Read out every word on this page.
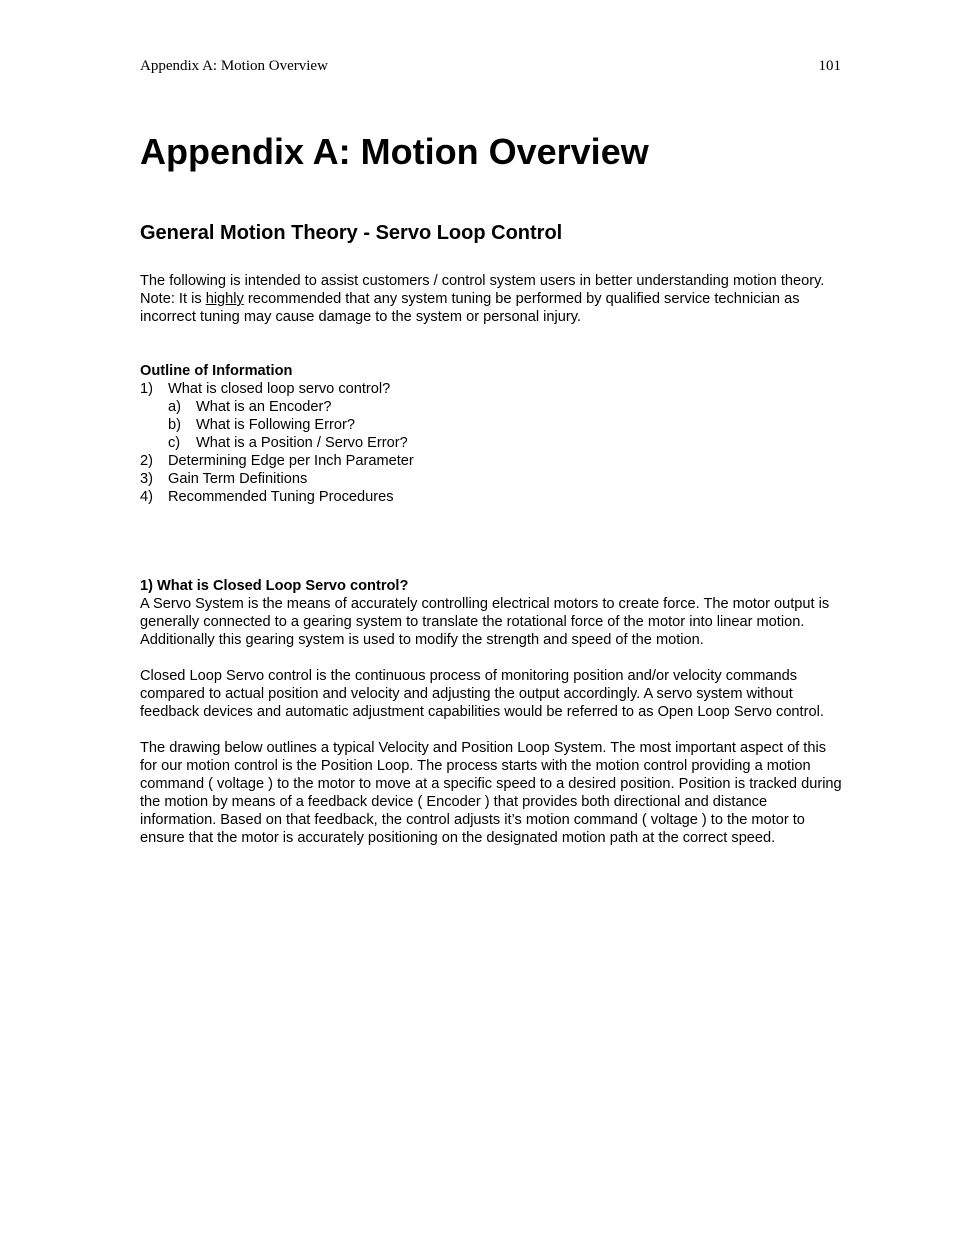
Appendix A: Motion Overview	101
Appendix A: Motion Overview
General Motion Theory - Servo Loop Control
The following is intended to assist customers / control system users in better understanding motion theory. Note: It is highly recommended that any system tuning be performed by qualified service technician as incorrect tuning may cause damage to the system or personal injury.
Outline of Information
1) What is closed loop servo control?
a) What is an Encoder?
b) What is Following Error?
c) What is a Position / Servo Error?
2) Determining Edge per Inch Parameter
3) Gain Term Definitions
4) Recommended Tuning Procedures
1) What is Closed Loop Servo control?

A Servo System is the means of accurately controlling electrical motors to create force. The motor output is generally connected to a gearing system to translate the rotational force of the motor into linear motion. Additionally this gearing system is used to modify the strength and speed of the motion.

Closed Loop Servo control is the continuous process of monitoring position and/or velocity commands compared to actual position and velocity and adjusting the output accordingly. A servo system without feedback devices and automatic adjustment capabilities would be referred to as Open Loop Servo control.

The drawing below outlines a typical Velocity and Position Loop System. The most important aspect of this for our motion control is the Position Loop. The process starts with the motion control providing a motion command ( voltage ) to the motor to move at a specific speed to a desired position. Position is tracked during the motion by means of a feedback device ( Encoder ) that provides both directional and distance information. Based on that feedback, the control adjusts it’s motion command ( voltage ) to the motor to ensure that the motor is accurately positioning on the designated motion path at the correct speed.
